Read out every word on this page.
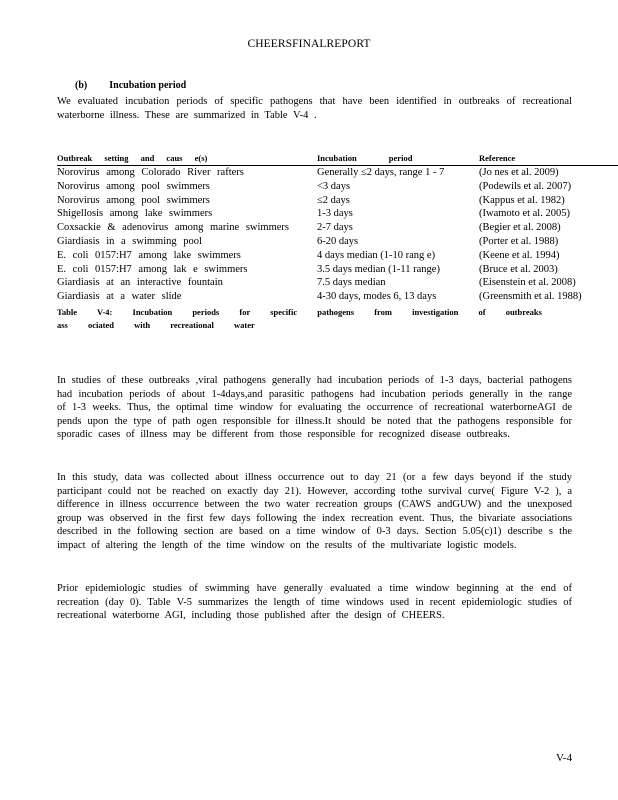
CHEERSFINALREPORT
(b) Incubation period
We evaluated incubation periods of specific pathogens that have been identified in outbreaks of recreational waterborne illness. These are summarized in Table V-4 .
Outbreak setting and caus e(s)	Incubation period	Reference
Norovirus among Colorado River rafters	Generally ≤2 days, range 1 - 7	(Jo nes et al. 2009)
Norovirus among pool swimmers	<3 days	(Podewils et al. 2007)
Norovirus among pool swimmers	≤2 days	(Kappus et al. 1982)
Shigellosis among lake swimmers	1-3 days	(Iwamoto et al. 2005)
Coxsackie & adenovirus among marine swimmers	2-7 days	(Begier et al. 2008)
Giardiasis in a swimming pool	6-20 days	(Porter et al. 1988)
E. coli 0157:H7 among lake swimmers	4 days median (1-10 rang e)	(Keene et al. 1994)
E. coli 0157:H7 among lak e swimmers	3.5 days median (1-11 range)	(Bruce et al. 2003)
Giardiasis at an interactive fountain	7.5 days median	(Eisenstein et al. 2008)
Giardiasis at a water slide	4-30 days, modes 6, 13 days	(Greensmith et al. 1988)
Table V-4: Incubation periods for specific pathogens from investigation of outbreaks ass ociated with recreational water
In studies of these outbreaks ,viral pathogens generally had incubation periods of 1-3 days, bacterial pathogens had incubation periods of about 1-4days,and parasitic pathogens had incubation periods generally in the range of 1-3 weeks. Thus, the optimal time window for evaluating the occurrence of recreational waterborneAGI de pends upon the type of path ogen responsible for illness.It should be noted that the pathogens responsible for sporadic cases of illness may be different from those responsible for recognized disease outbreaks.
In this study, data was collected about illness occurrence out to day 21 (or a few days beyond if the study participant could not be reached on exactly day 21). However, according tothe survival curve( Figure V-2 ), a difference in illness occurrence between the two water recreation groups (CAWS andGUW) and the unexposed group was observed in the first few days following the index recreation event. Thus, the bivariate associations described in the following section are based on a time window of 0-3 days. Section 5.05(c)1) describe s the impact of altering the length of the time window on the results of the multivariate logistic models.
Prior epidemiologic studies of swimming have generally evaluated a time window beginning at the end of recreation (day 0). Table V-5 summarizes the length of time windows used in recent epidemiologic studies of recreational waterborne AGI, including those published after the design of CHEERS.
V-4
